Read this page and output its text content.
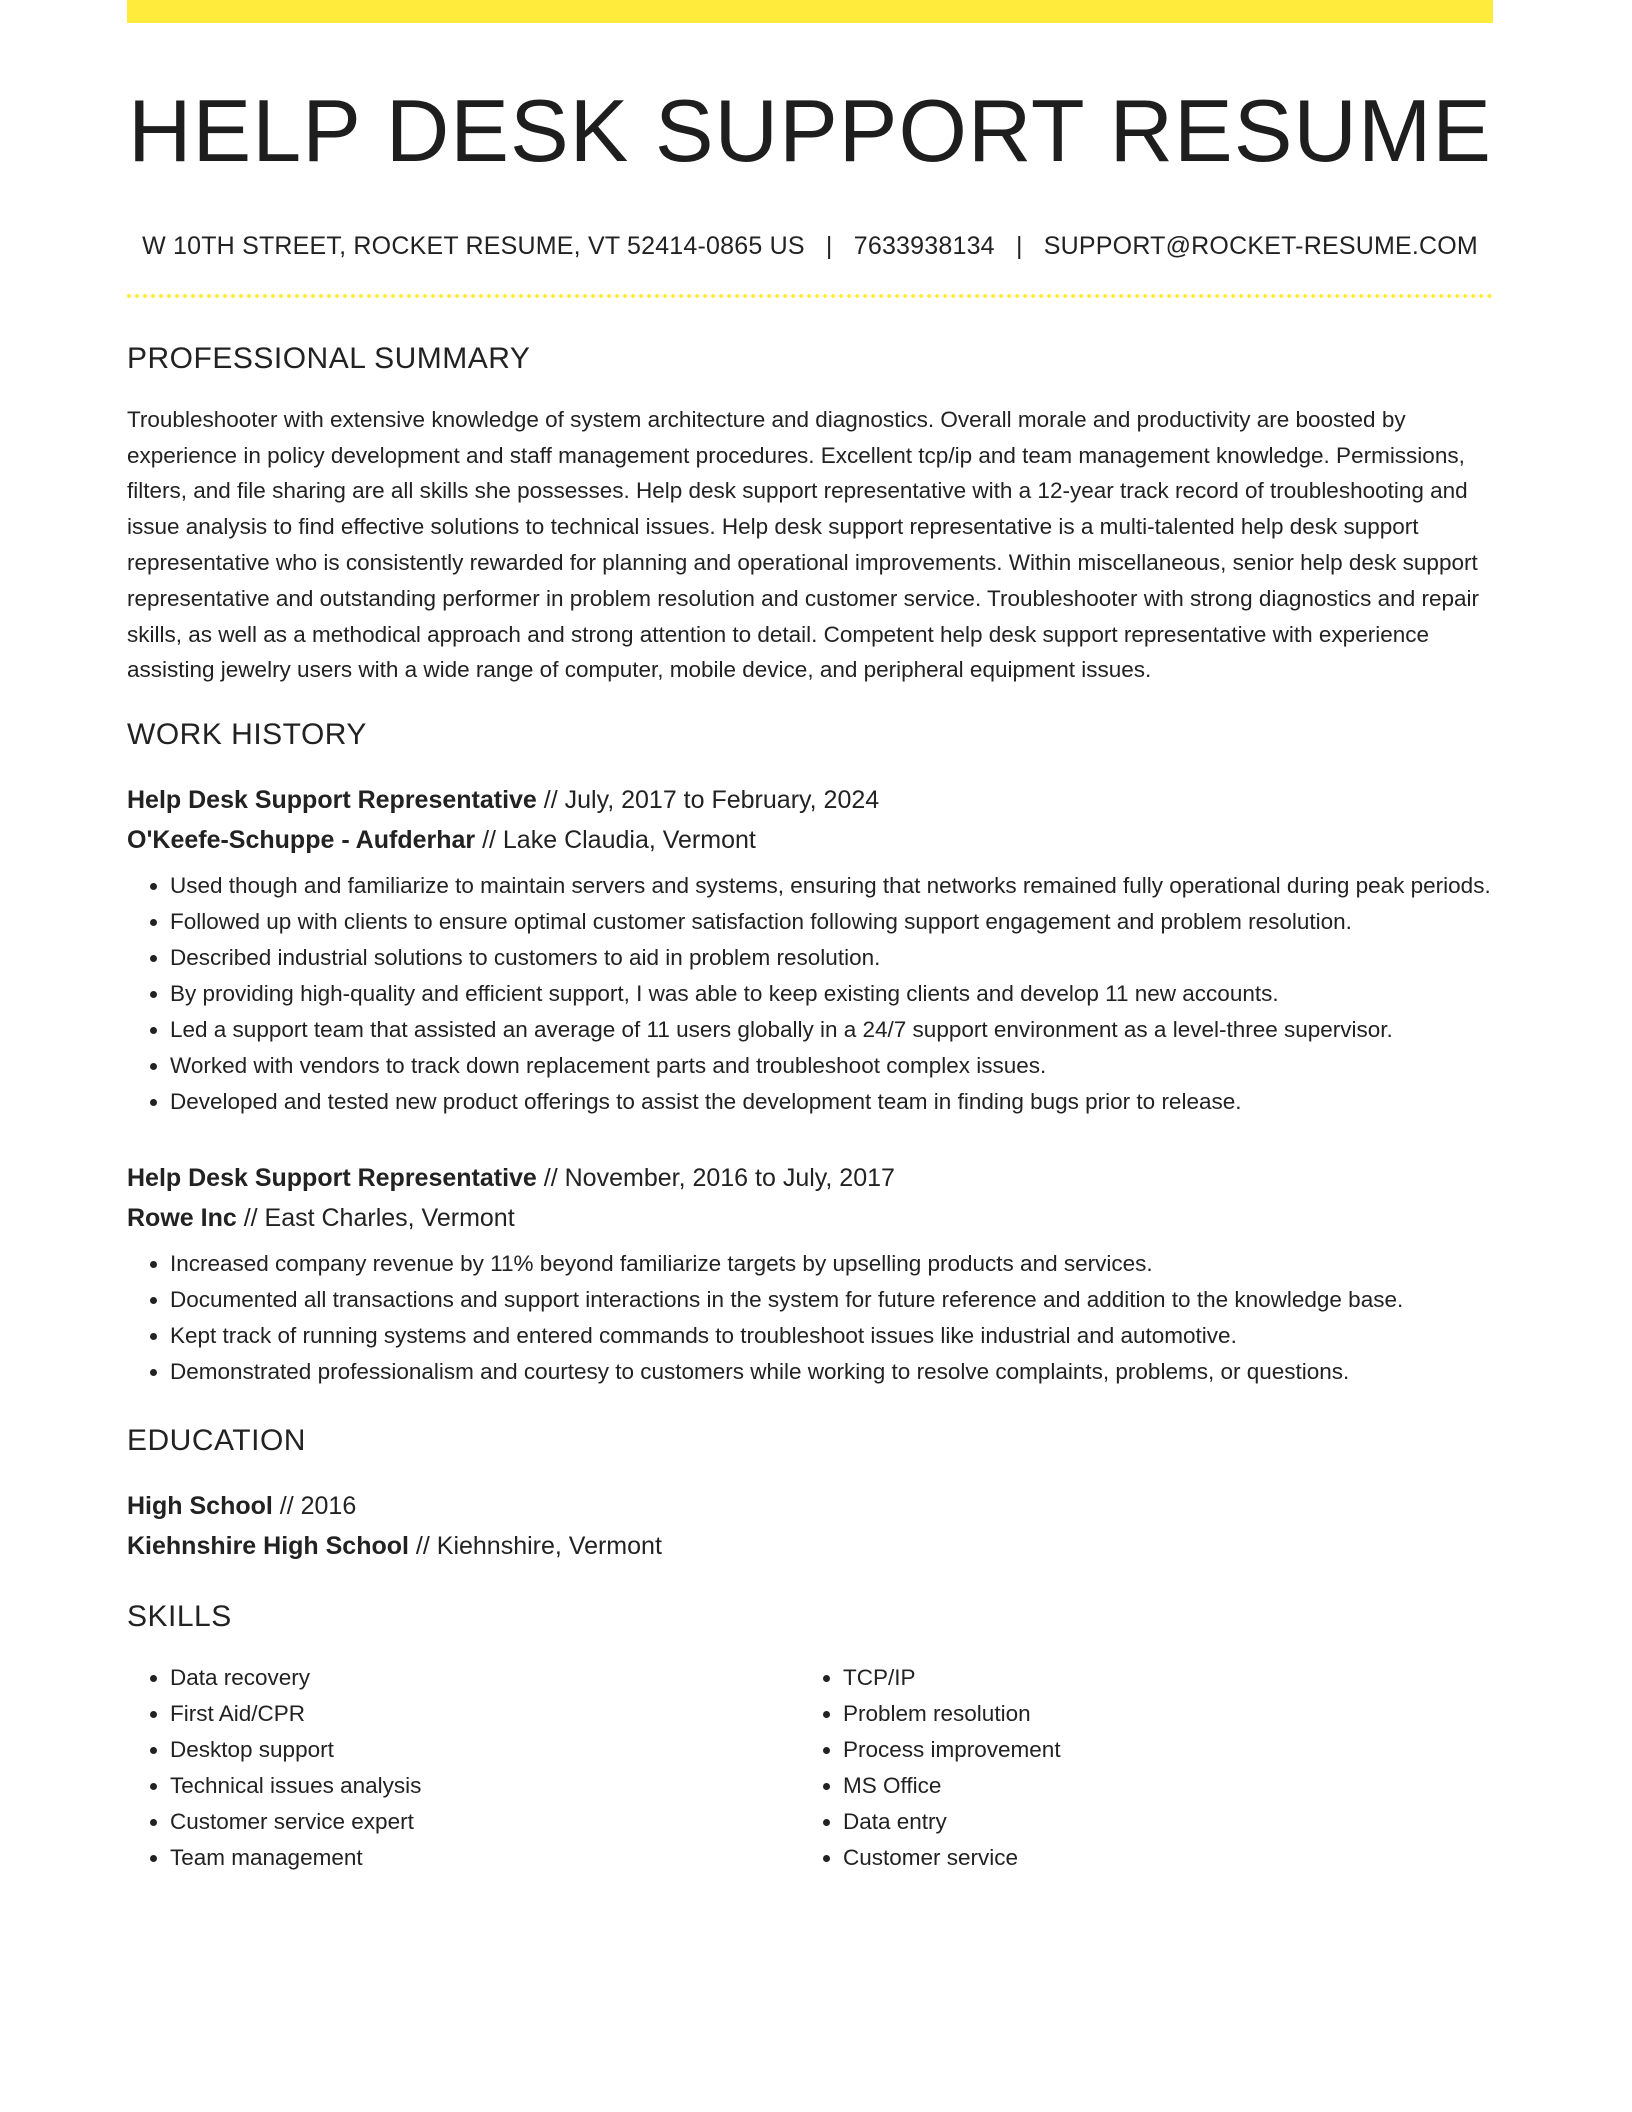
HELP DESK SUPPORT RESUME
W 10TH STREET, ROCKET RESUME, VT 52414-0865 US | 7633938134 | SUPPORT@ROCKET-RESUME.COM
PROFESSIONAL SUMMARY

Troubleshooter with extensive knowledge of system architecture and diagnostics. Overall morale and productivity are boosted by experience in policy development and staff management procedures. Excellent tcp/ip and team management knowledge. Permissions, filters, and file sharing are all skills she possesses. Help desk support representative with a 12-year track record of troubleshooting and issue analysis to find effective solutions to technical issues. Help desk support representative is a multi-talented help desk support representative who is consistently rewarded for planning and operational improvements. Within miscellaneous, senior help desk support representative and outstanding performer in problem resolution and customer service. Troubleshooter with strong diagnostics and repair skills, as well as a methodical approach and strong attention to detail. Competent help desk support representative with experience assisting jewelry users with a wide range of computer, mobile device, and peripheral equipment issues.

WORK HISTORY
Help Desk Support Representative // July, 2017 to February, 2024
O'Keefe-Schuppe - Aufderhar // Lake Claudia, Vermont
• Used though and familiarize to maintain servers and systems, ensuring that networks remained fully operational during peak periods.
• Followed up with clients to ensure optimal customer satisfaction following support engagement and problem resolution.
• Described industrial solutions to customers to aid in problem resolution.
• By providing high-quality and efficient support, I was able to keep existing clients and develop 11 new accounts.
• Led a support team that assisted an average of 11 users globally in a 24/7 support environment as a level-three supervisor.
• Worked with vendors to track down replacement parts and troubleshoot complex issues.
• Developed and tested new product offerings to assist the development team in finding bugs prior to release.
Help Desk Support Representative // November, 2016 to July, 2017
Rowe Inc // East Charles, Vermont
• Increased company revenue by 11% beyond familiarize targets by upselling products and services.
• Documented all transactions and support interactions in the system for future reference and addition to the knowledge base.
• Kept track of running systems and entered commands to troubleshoot issues like industrial and automotive.
• Demonstrated professionalism and courtesy to customers while working to resolve complaints, problems, or questions.
EDUCATION
High School // 2016
Kiehnshire High School // Kiehnshire, Vermont
SKILLS
• Data recovery
• First Aid/CPR
• Desktop support
• Technical issues analysis
• Customer service expert
• Team management
• TCP/IP
• Problem resolution
• Process improvement
• MS Office
• Data entry
• Customer service
